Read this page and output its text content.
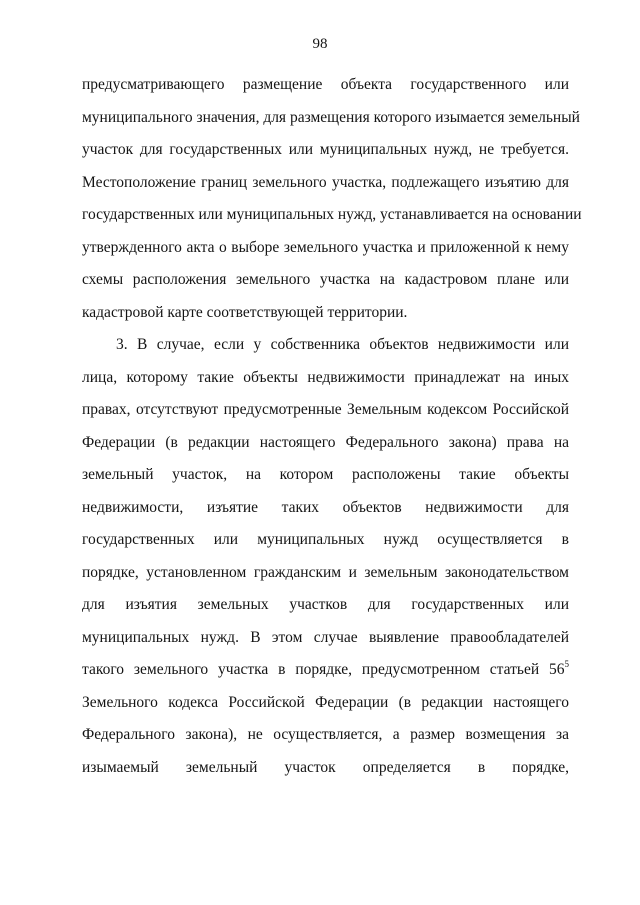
98
предусматривающего размещение объекта государственного или
муниципального значения, для размещения которого изымается земельный
участок для государственных или муниципальных нужд, не требуется.
Местоположение границ земельного участка, подлежащего изъятию для
государственных или муниципальных нужд, устанавливается на основании
утвержденного акта о выборе земельного участка и приложенной к нему
схемы расположения земельного участка на кадастровом плане или
кадастровой карте соответствующей территории.
3. В случае, если у собственника объектов недвижимости или
лица, которому такие объекты недвижимости принадлежат на иных
правах, отсутствуют предусмотренные Земельным кодексом Российской
Федерации (в редакции настоящего Федерального закона) права на
земельный участок, на котором расположены такие объекты
недвижимости, изъятие таких объектов недвижимости для
государственных или муниципальных нужд осуществляется в
порядке, установленном гражданским и земельным законодательством
для изъятия земельных участков для государственных или
муниципальных нужд. В этом случае выявление правообладателей
такого земельного участка в порядке, предусмотренном статьей $56^5$
Земельного кодекса Российской Федерации (в редакции настоящего
Федерального закона), не осуществляется, а размер возмещения за
изымаемый земельный участок определяется в порядке,
